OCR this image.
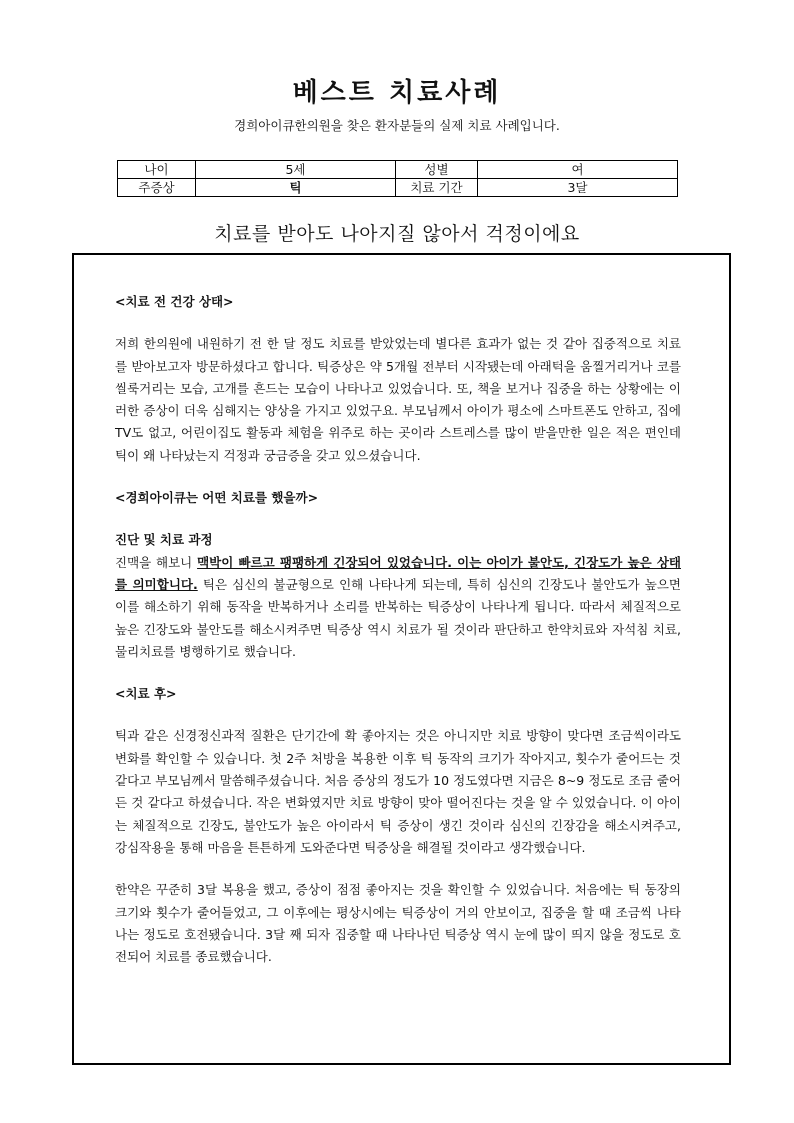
베스트 치료사례
경희아이큐한의원을 찾은 환자분들의 실제 치료 사례입니다.
나이	5세	성별	여
주증상	틱	치료 기간	3달
치료를 받아도 나아지질 않아서 걱정이에요

<치료 전 건강 상태>

저희 한의원에 내원하기 전 한 달 정도 치료를 받았었는데 별다른 효과가 없는 것 같아 집중적으로 치료를 받아보고자 방문하셨다고 합니다. 틱증상은 약 5개월 전부터 시작됐는데 아래턱을 움찔거리거나 코를 씰룩거리는 모습, 고개를 흔드는 모습이 나타나고 있었습니다. 또, 책을 보거나 집중을 하는 상황에는 이러한 증상이 더욱 심해지는 양상을 가지고 있었구요. 부모님께서 아이가 평소에 스마트폰도 안하고, 집에 TV도 없고, 어린이집도 활동과 체험을 위주로 하는 곳이라 스트레스를 많이 받을만한 일은 적은 편인데 틱이 왜 나타났는지 걱정과 궁금증을 갖고 있으셨습니다.

<경희아이큐는 어떤 치료를 했을까>

진단 및 치료 과정

진맥을 해보니 맥박이 빠르고 팽팽하게 긴장되어 있었습니다. 이는 아이가 불안도, 긴장도가 높은 상태를 의미합니다. 틱은 심신의 불균형으로 인해 나타나게 되는데, 특히 심신의 긴장도나 불안도가 높으면 이를 해소하기 위해 동작을 반복하거나 소리를 반복하는 틱증상이 나타나게 됩니다. 따라서 체질적으로 높은 긴장도와 불안도를 해소시켜주면 틱증상 역시 치료가 될 것이라 판단하고 한약치료와 자석침 치료, 물리치료를 병행하기로 했습니다.

<치료 후>

틱과 같은 신경정신과적 질환은 단기간에 확 좋아지는 것은 아니지만 치료 방향이 맞다면 조금씩이라도 변화를 확인할 수 있습니다. 첫 2주 처방을 복용한 이후 틱 동작의 크기가 작아지고, 횟수가 줄어드는 것 같다고 부모님께서 말씀해주셨습니다. 처음 증상의 정도가 10 정도였다면 지금은 8~9 정도로 조금 줄어든 것 같다고 하셨습니다. 작은 변화였지만 치료 방향이 맞아 떨어진다는 것을 알 수 있었습니다. 이 아이는 체질적으로 긴장도, 불안도가 높은 아이라서 틱 증상이 생긴 것이라 심신의 긴장감을 해소시켜주고, 강심작용을 통해 마음을 튼튼하게 도와준다면 틱증상을 해결될 것이라고 생각했습니다.

한약은 꾸준히 3달 복용을 했고, 증상이 점점 좋아지는 것을 확인할 수 있었습니다. 처음에는 틱 동장의 크기와 횟수가 줄어들었고, 그 이후에는 평상시에는 틱증상이 거의 안보이고, 집중을 할 때 조금씩 나타나는 정도로 호전됐습니다. 3달 째 되자 집중할 때 나타나던 틱증상 역시 눈에 많이 띄지 않을 정도로 호전되어 치료를 종료했습니다.
